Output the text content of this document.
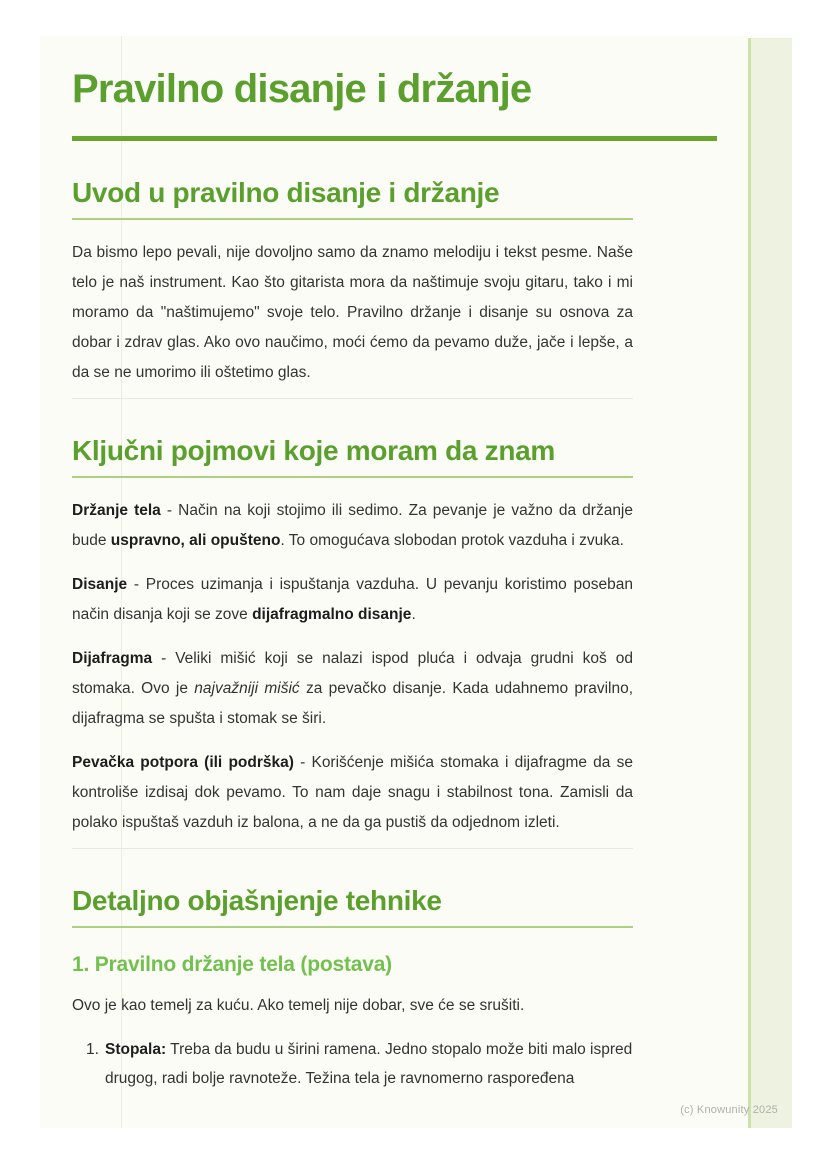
Pravilno disanje i držanje
Uvod u pravilno disanje i držanje

Da bismo lepo pevali, nije dovoljno samo da znamo melodiju i tekst pesme. Naše telo je naš instrument. Kao što gitarista mora da naštimuje svoju gitaru, tako i mi moramo da "naštimujemo" svoje telo. Pravilno držanje i disanje su osnova za dobar i zdrav glas. Ako ovo naučimo, moći ćemo da pevamo duže, jače i lepše, a da se ne umorimo ili oštetimo glas.

Ključni pojmovi koje moram da znam

Držanje tela - Način na koji stojimo ili sedimo. Za pevanje je važno da držanje bude uspravno, ali opušteno. To omogućava slobodan protok vazduha i zvuka.

Disanje - Proces uzimanja i ispuštanja vazduha. U pevanju koristimo poseban način disanja koji se zove dijafragmalno disanje.

Dijafragma - Veliki mišić koji se nalazi ispod pluća i odvaja grudni koš od stomaka. Ovo je najvažniji mišić za pevačko disanje. Kada udahnemo pravilno, dijafragma se spušta i stomak se širi.

Pevačka potpora (ili podrška) - Korišćenje mišića stomaka i dijafragme da se kontroliše izdisaj dok pevamo. To nam daje snagu i stabilnost tona. Zamisli da polako ispuštaš vazduh iz balona, a ne da ga pustiš da odjednom izleti.

Detaljno objašnjenje tehnike
1. Pravilno držanje tela (postava)

Ovo je kao temelj za kuću. Ako temelj nije dobar, sve će se srušiti.

1. Stopala: Treba da budu u širini ramena. Jedno stopalo može biti malo ispred drugog, radi bolje ravnoteže. Težina tela je ravnomerno raspoređena
(c) Knowunity 2025
